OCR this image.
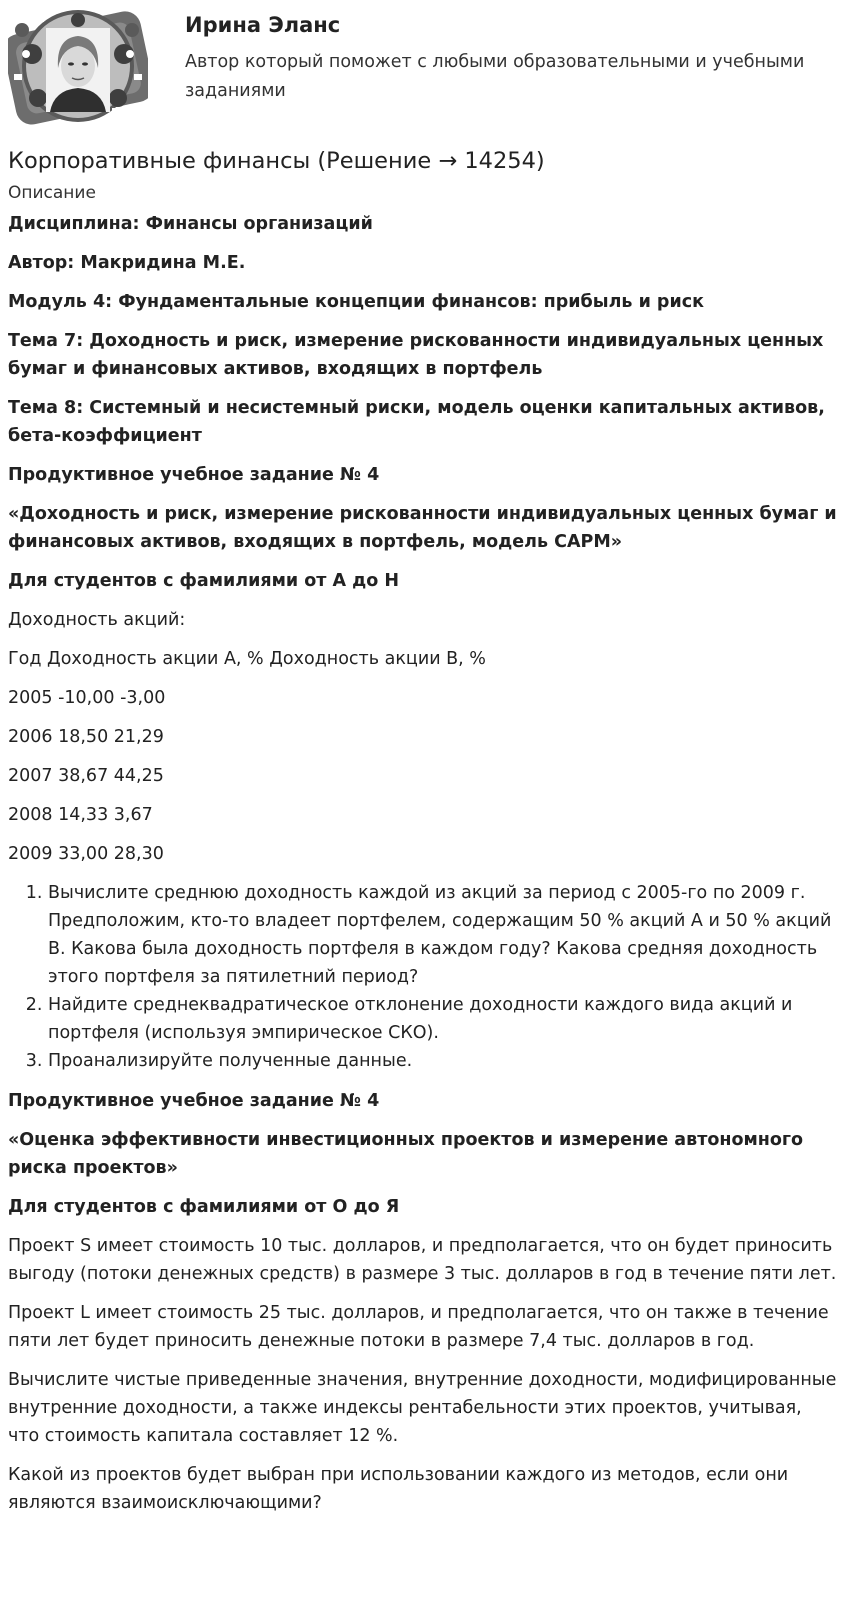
Ирина Эланс

Автор который поможет с любыми образовательными и учебными заданиями

Корпоративные финансы (Решение → 14254)
Описание

Дисциплина: Финансы организаций

Автор: Макридина М.Е.

Модуль 4: Фундаментальные концепции финансов: прибыль и риск

Тема 7: Доходность и риск, измерение рискованности индивидуальных ценных бумаг и финансовых активов, входящих в портфель

Тема 8: Системный и несистемный риски, модель оценки капитальных активов, бета-коэффициент

Продуктивное учебное задание № 4

«Доходность и риск, измерение рискованности индивидуальных ценных бумаг и финансовых активов, входящих в портфель, модель CAPM»

Для студентов с фамилиями от А до Н

Доходность акций:

Год Доходность акции А, % Доходность акции В, %

2005 -10,00 -3,00

2006 18,50 21,29

2007 38,67 44,25

2008 14,33 3,67

2009 33,00 28,30

1. Вычислите среднюю доходность каждой из акций за период с 2005-го по 2009 г. Предположим, кто-то владеет портфелем, содержащим 50 % акций А и 50 % акций В. Какова была доходность портфеля в каждом году? Какова средняя доходность этого портфеля за пятилетний период?
2. Найдите среднеквадратическое отклонение доходности каждого вида акций и портфеля (используя эмпирическое СКО).
3. Проанализируйте полученные данные.

Продуктивное учебное задание № 4

«Оценка эффективности инвестиционных проектов и измерение автономного риска проектов»

Для студентов с фамилиями от О до Я

Проект S имеет стоимость 10 тыс. долларов, и предполагается, что он будет приносить выгоду (потоки денежных средств) в размере 3 тыс. долларов в год в течение пяти лет.

Проект L имеет стоимость 25 тыс. долларов, и предполагается, что он также в течение пяти лет будет приносить денежные потоки в размере 7,4 тыс. долларов в год.

Вычислите чистые приведенные значения, внутренние доходности, модифицированные внутренние доходности, а также индексы рентабельности этих проектов, учитывая, что стоимость капитала составляет 12 %.

Какой из проектов будет выбран при использовании каждого из методов, если они являются взаимоисключающими?
